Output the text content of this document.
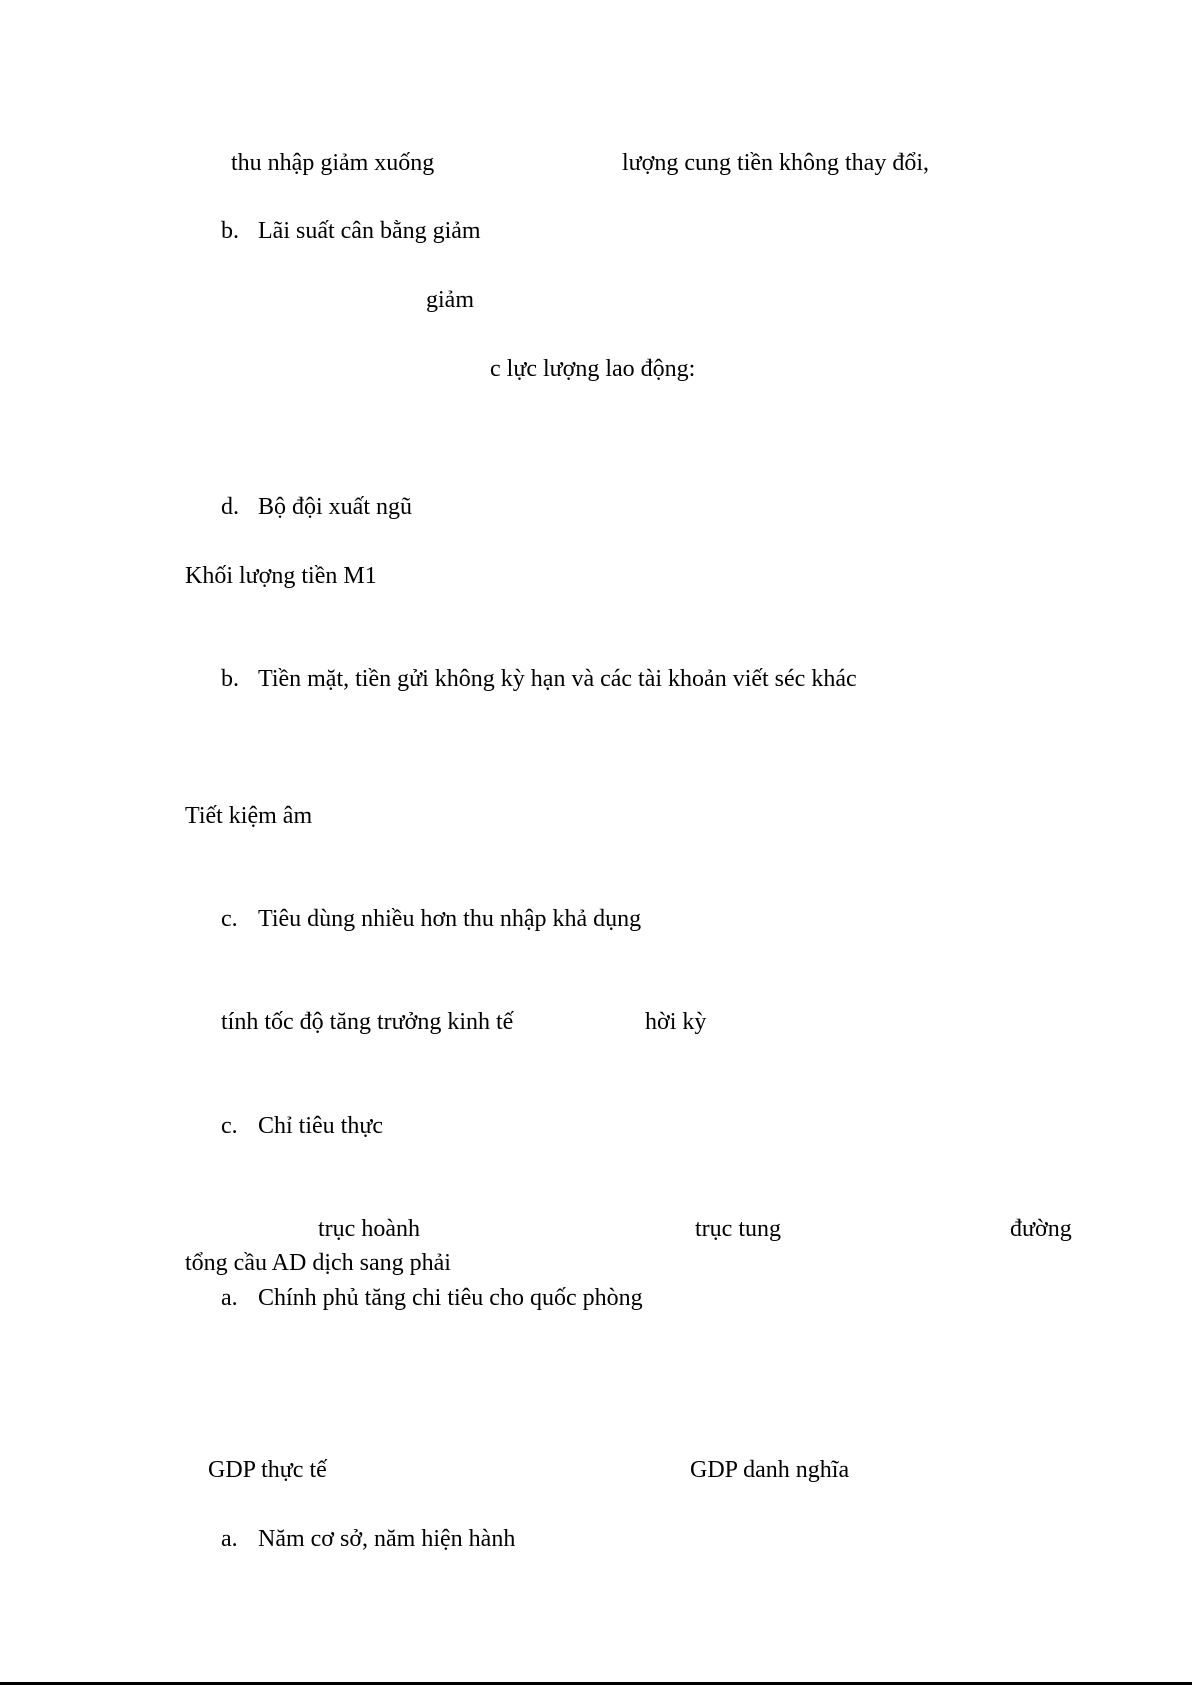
thu nhập giảm xuống	lượng cung tiền không thay đổi,
b. Lãi suất cân bằng giảm
giảm
c lực lượng lao động:
d. Bộ đội xuất ngũ
Khối lượng tiền M1
b. Tiền mặt, tiền gửi không kỳ hạn và các tài khoản viết séc khác
Tiết kiệm âm
c. Tiêu dùng nhiều hơn thu nhập khả dụng
tính tốc độ tăng trưởng kinh tế	hời kỳ
c. Chỉ tiêu thực
trục hoành	trục tung	đường
tổng cầu AD dịch sang phải
a. Chính phủ tăng chi tiêu cho quốc phòng
GDP thực tế	GDP danh nghĩa
a. Năm cơ sở, năm hiện hành
